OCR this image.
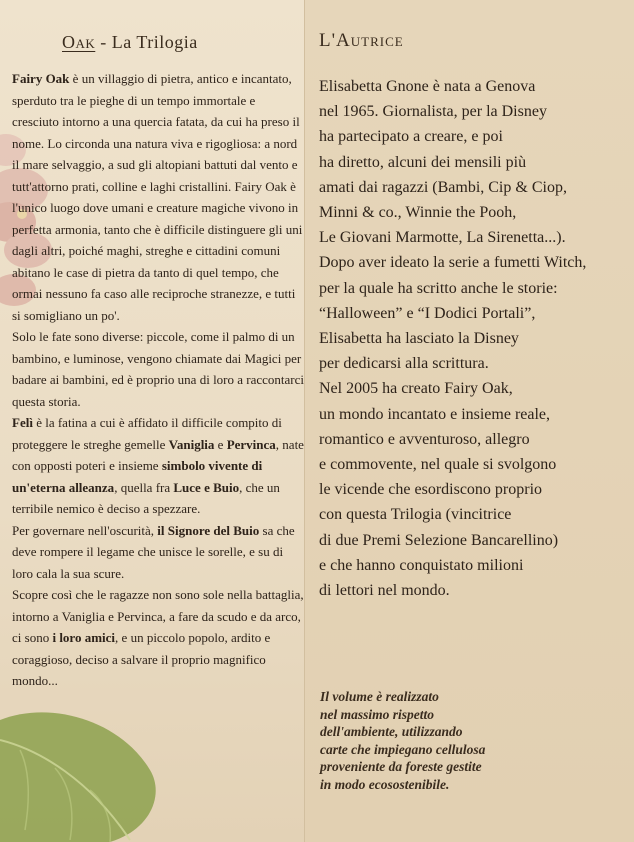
Oak - La Trilogia

Fairy Oak è un villaggio di pietra, antico e incantato, sperduto tra le pieghe di un tempo immortale e cresciuto intorno a una quercia fatata, da cui ha preso il nome. Lo circonda una natura viva e rigogliosa: a nord il mare selvaggio, a sud gli altopiani battuti dal vento e tutt'attorno prati, colline e laghi cristallini. Fairy Oak è l'unico luogo dove umani e creature magiche vivono in perfetta armonia, tanto che è difficile distinguere gli uni dagli altri, poiché maghi, streghe e cittadini comuni abitano le case di pietra da tanto di quel tempo, che ormai nessuno fa caso alle reciproche stranezze, e tutti si somigliano un po'.

Solo le fate sono diverse: piccole, come il palmo di un bambino, e luminose, vengono chiamate dai Magici per badare ai bambini, ed è proprio una di loro a raccontarci questa storia.

Felì è la fatina a cui è affidato il difficile compito di proteggere le streghe gemelle Vaniglia e Pervinca, nate con opposti poteri e insieme simbolo vivente di un'eterna alleanza, quella fra Luce e Buio, che un terribile nemico è deciso a spezzare.

Per governare nell'oscurità, il Signore del Buio sa che deve rompere il legame che unisce le sorelle, e su di loro cala la sua scure.

Scopre così che le ragazze non sono sole nella battaglia, intorno a Vaniglia e Pervinca, a fare da scudo e da arco, ci sono i loro amici, e un piccolo popolo, ardito e coraggioso, deciso a salvare il proprio magnifico mondo...

L'Autrice

Elisabetta Gnone è nata a Genova

nel 1965. Giornalista, per la Disney

ha partecipato a creare, e poi

ha diretto, alcuni dei mensili più

amati dai ragazzi (Bambi, Cip & Ciop,

Minni & co., Winnie the Pooh,

Le Giovani Marmotte, La Sirenetta...).

Dopo aver ideato la serie a fumetti Witch,

per la quale ha scritto anche le storie:

“Halloween” e “I Dodici Portali”,

Elisabetta ha lasciato la Disney

per dedicarsi alla scrittura.

Nel 2005 ha creato Fairy Oak,

un mondo incantato e insieme reale,

romantico e avventuroso, allegro

e commovente, nel quale si svolgono

le vicende che esordiscono proprio

con questa Trilogia (vincitrice

di due Premi Selezione Bancarellino)

e che hanno conquistato milioni

di lettori nel mondo.

Il volume è realizzato

nel massimo rispetto

dell'ambiente, utilizzando

carte che impiegano cellulosa

proveniente da foreste gestite

in modo ecosostenibile.
